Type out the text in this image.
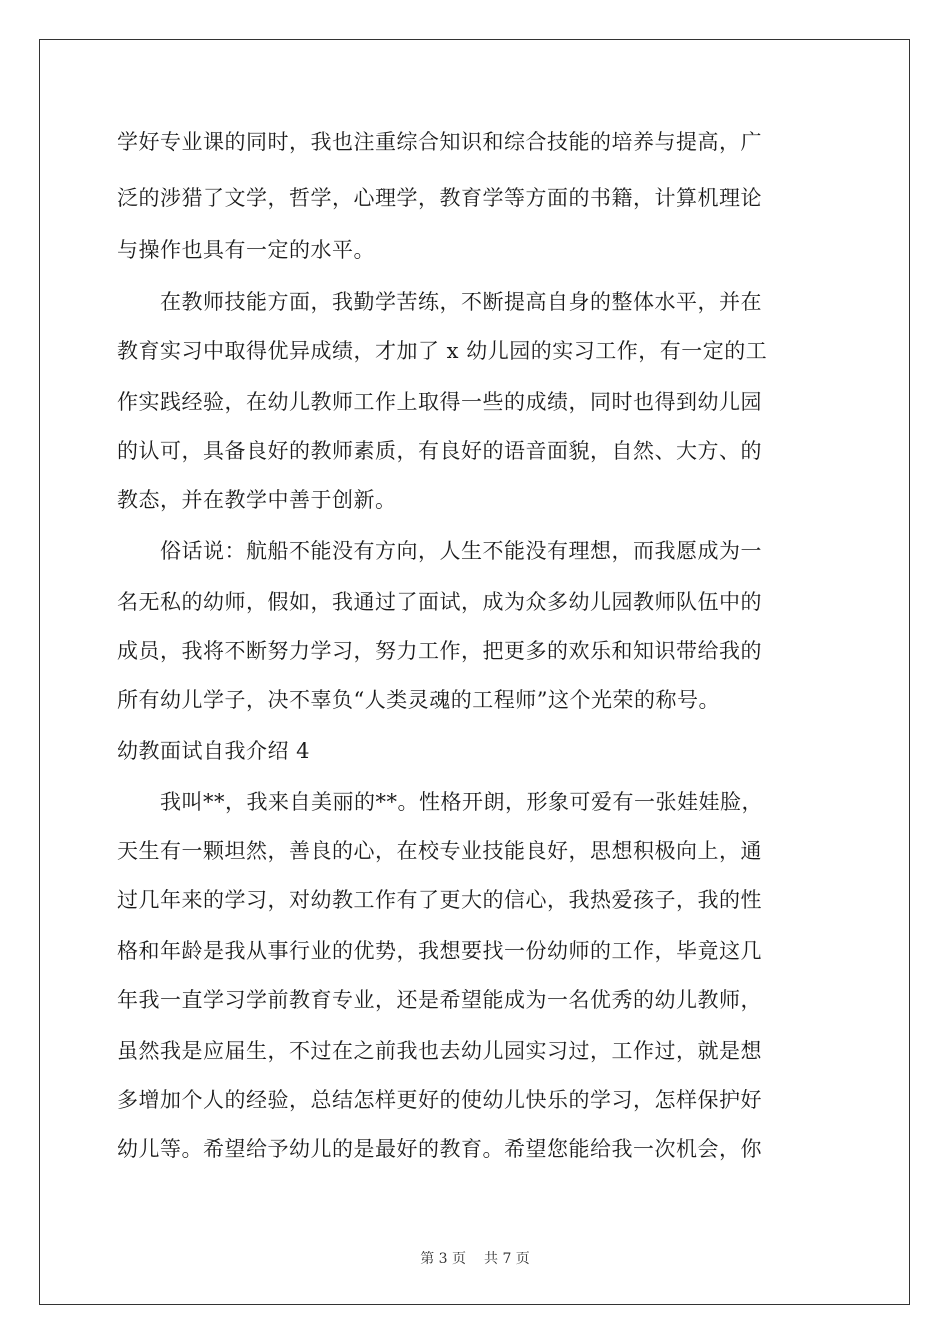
学好专业课的同时，我也注重综合知识和综合技能的培养与提高，广
泛的涉猎了文学，哲学，心理学，教育学等方面的书籍，计算机理论
与操作也具有一定的水平。
　　在教师技能方面，我勤学苦练，不断提高自身的整体水平，并在
教育实习中取得优异成绩，才加了 x 幼儿园的实习工作，有一定的工
作实践经验，在幼儿教师工作上取得一些的成绩，同时也得到幼儿园
的认可，具备良好的教师素质，有良好的语音面貌，自然、大方、的
教态，并在教学中善于创新。
　　俗话说：航船不能没有方向，人生不能没有理想，而我愿成为一
名无私的幼师，假如，我通过了面试，成为众多幼儿园教师队伍中的
成员，我将不断努力学习，努力工作，把更多的欢乐和知识带给我的
所有幼儿学子，决不辜负“人类灵魂的工程师”这个光荣的称号。
幼教面试自我介绍 4
　　我叫**，我来自美丽的**。性格开朗，形象可爱有一张娃娃脸，
天生有一颗坦然，善良的心，在校专业技能良好，思想积极向上，通
过几年来的学习，对幼教工作有了更大的信心，我热爱孩子，我的性
格和年龄是我从事行业的优势，我想要找一份幼师的工作，毕竟这几
年我一直学习学前教育专业，还是希望能成为一名优秀的幼儿教师，
虽然我是应届生，不过在之前我也去幼儿园实习过，工作过，就是想
多增加个人的经验，总结怎样更好的使幼儿快乐的学习，怎样保护好
幼儿等。希望给予幼儿的是最好的教育。希望您能给我一次机会，你
第 3 页 共 7 页
